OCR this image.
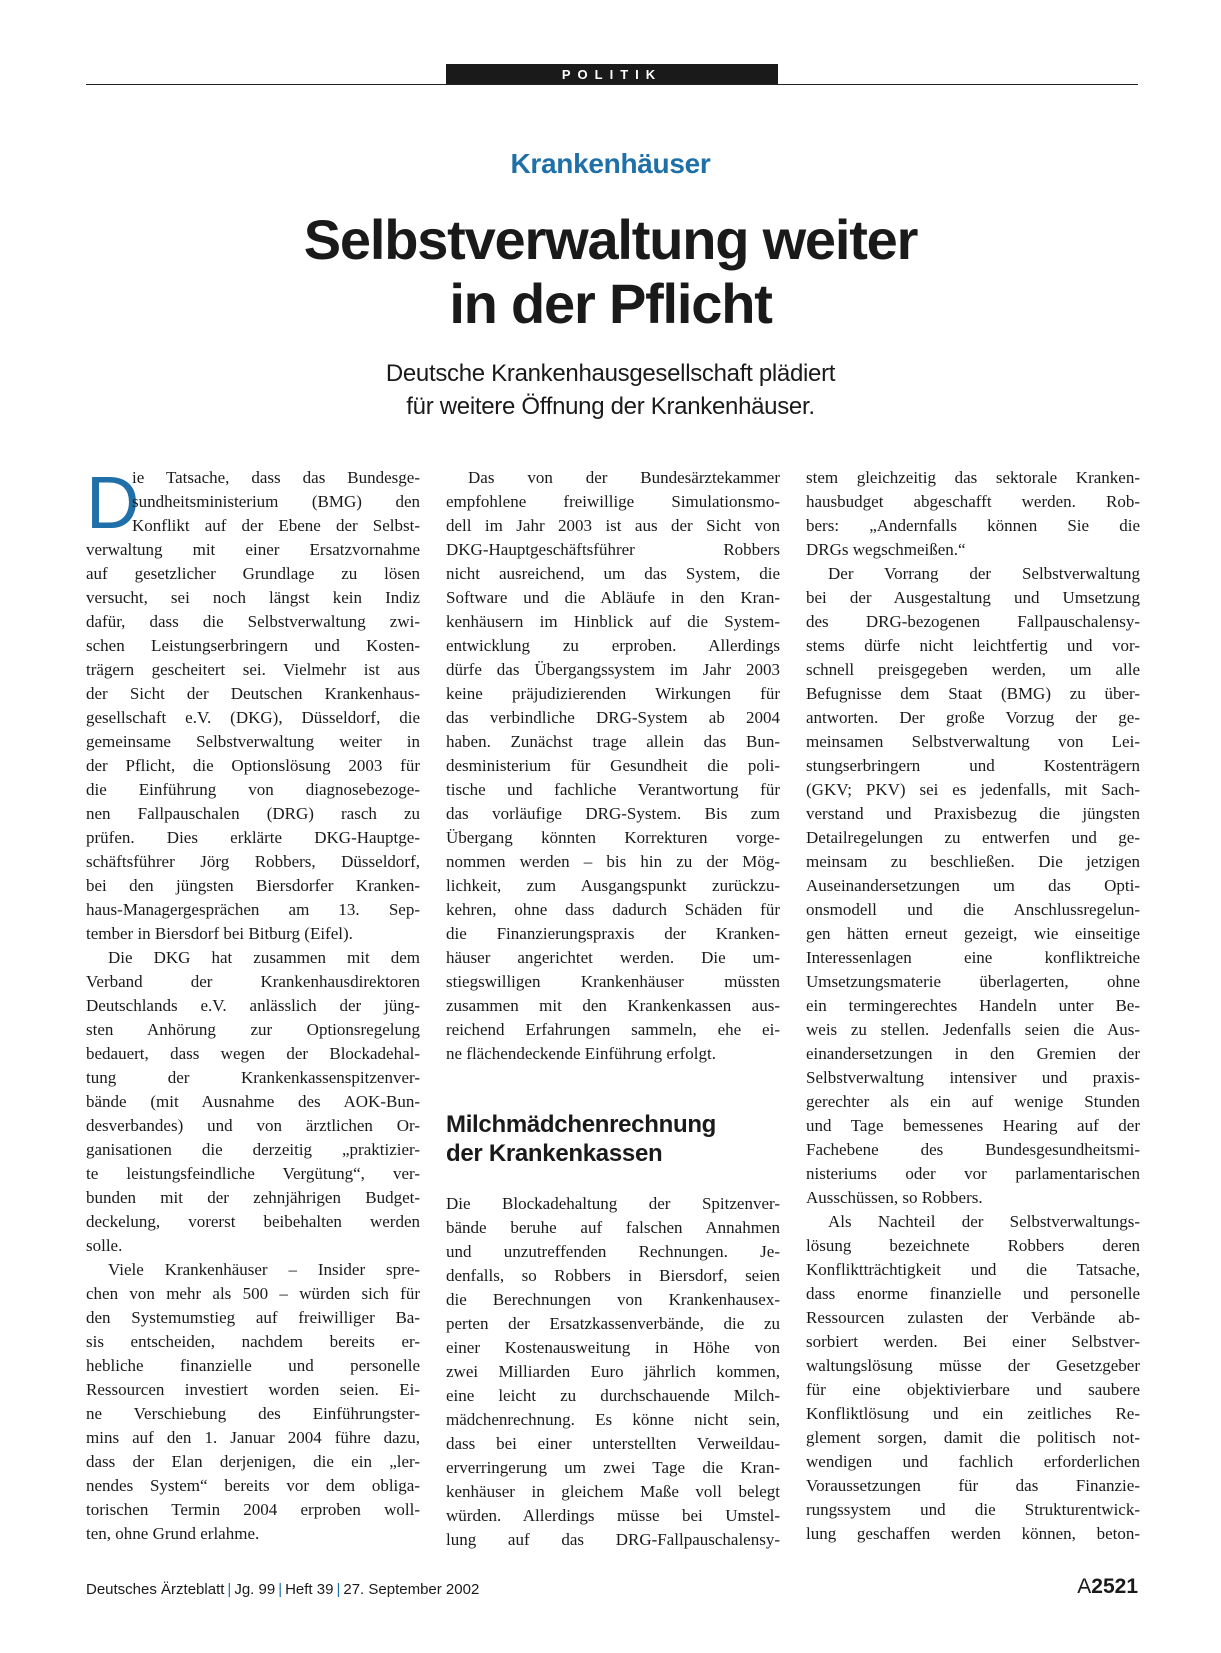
POLITIK
Krankenhäuser
Selbstverwaltung weiter
in der Pflicht
Deutsche Krankenhausgesellschaft plädiert
für weitere Öffnung der Krankenhäuser.
D
ie Tatsache, dass das Bundesge-
sundheitsministerium (BMG) den
Konflikt auf der Ebene der Selbst-
verwaltung mit einer Ersatzvornahme
auf gesetzlicher Grundlage zu lösen
versucht, sei noch längst kein Indiz
dafür, dass die Selbstverwaltung zwi-
schen Leistungserbringern und Kosten-
trägern gescheitert sei. Vielmehr ist aus
der Sicht der Deutschen Krankenhaus-
gesellschaft e.V. (DKG), Düsseldorf, die
gemeinsame Selbstverwaltung weiter in
der Pflicht, die Optionslösung 2003 für
die Einführung von diagnosebezoge-
nen Fallpauschalen (DRG) rasch zu
prüfen. Dies erklärte DKG-Hauptge-
schäftsführer Jörg Robbers, Düsseldorf,
bei den jüngsten Biersdorfer Kranken-
haus-Managergesprächen am 13. Sep-
tember in Biersdorf bei Bitburg (Eifel).
Die DKG hat zusammen mit dem
Verband der Krankenhausdirektoren
Deutschlands e.V. anlässlich der jüng-
sten Anhörung zur Optionsregelung
bedauert, dass wegen der Blockadehal-
tung der Krankenkassenspitzenver-
bände (mit Ausnahme des AOK-Bun-
desverbandes) und von ärztlichen Or-
ganisationen die derzeitig „praktizier-
te leistungsfeindliche Vergütung“, ver-
bunden mit der zehnjährigen Budget-
deckelung, vorerst beibehalten werden
solle.
Viele Krankenhäuser – Insider spre-
chen von mehr als 500 – würden sich für
den Systemumstieg auf freiwilliger Ba-
sis entscheiden, nachdem bereits er-
hebliche finanzielle und personelle
Ressourcen investiert worden seien. Ei-
ne Verschiebung des Einführungster-
mins auf den 1. Januar 2004 führe dazu,
dass der Elan derjenigen, die ein „ler-
nendes System“ bereits vor dem obliga-
torischen Termin 2004 erproben woll-
ten, ohne Grund erlahme.
Das von der Bundesärztekammer
empfohlene freiwillige Simulationsmo-
dell im Jahr 2003 ist aus der Sicht von
DKG-Hauptgeschäftsführer Robbers
nicht ausreichend, um das System, die
Software und die Abläufe in den Kran-
kenhäusern im Hinblick auf die System-
entwicklung zu erproben. Allerdings
dürfe das Übergangssystem im Jahr 2003
keine präjudizierenden Wirkungen für
das verbindliche DRG-System ab 2004
haben. Zunächst trage allein das Bun-
desministerium für Gesundheit die poli-
tische und fachliche Verantwortung für
das vorläufige DRG-System. Bis zum
Übergang könnten Korrekturen vorge-
nommen werden – bis hin zu der Mög-
lichkeit, zum Ausgangspunkt zurückzu-
kehren, ohne dass dadurch Schäden für
die Finanzierungspraxis der Kranken-
häuser angerichtet werden. Die um-
stiegswilligen Krankenhäuser müssten
zusammen mit den Krankenkassen aus-
reichend Erfahrungen sammeln, ehe ei-
ne flächendeckende Einführung erfolgt.
Milchmädchenrechnung
der Krankenkassen
Die Blockadehaltung der Spitzenver-
bände beruhe auf falschen Annahmen
und unzutreffenden Rechnungen. Je-
denfalls, so Robbers in Biersdorf, seien
die Berechnungen von Krankenhausex-
perten der Ersatzkassenverbände, die zu
einer Kostenausweitung in Höhe von
zwei Milliarden Euro jährlich kommen,
eine leicht zu durchschauende Milch-
mädchenrechnung. Es könne nicht sein,
dass bei einer unterstellten Verweildau-
erverringerung um zwei Tage die Kran-
kenhäuser in gleichem Maße voll belegt
würden. Allerdings müsse bei Umstel-
lung auf das DRG-Fallpauschalensy-
stem gleichzeitig das sektorale Kranken-
hausbudget abgeschafft werden. Rob-
bers: „Andernfalls können Sie die
DRGs wegschmeißen.“
Der Vorrang der Selbstverwaltung
bei der Ausgestaltung und Umsetzung
des DRG-bezogenen Fallpauschalensy-
stems dürfe nicht leichtfertig und vor-
schnell preisgegeben werden, um alle
Befugnisse dem Staat (BMG) zu über-
antworten. Der große Vorzug der ge-
meinsamen Selbstverwaltung von Lei-
stungserbringern und Kostenträgern
(GKV; PKV) sei es jedenfalls, mit Sach-
verstand und Praxisbezug die jüngsten
Detailregelungen zu entwerfen und ge-
meinsam zu beschließen. Die jetzigen
Auseinandersetzungen um das Opti-
onsmodell und die Anschlussregelun-
gen hätten erneut gezeigt, wie einseitige
Interessenlagen eine konfliktreiche
Umsetzungsmaterie überlagerten, ohne
ein termingerechtes Handeln unter Be-
weis zu stellen. Jedenfalls seien die Aus-
einandersetzungen in den Gremien der
Selbstverwaltung intensiver und praxis-
gerechter als ein auf wenige Stunden
und Tage bemessenes Hearing auf der
Fachebene des Bundesgesundheitsmi-
nisteriums oder vor parlamentarischen
Ausschüssen, so Robbers.
Als Nachteil der Selbstverwaltungs-
lösung bezeichnete Robbers deren
Konfliktträchtigkeit und die Tatsache,
dass enorme finanzielle und personelle
Ressourcen zulasten der Verbände ab-
sorbiert werden. Bei einer Selbstver-
waltungslösung müsse der Gesetzgeber
für eine objektivierbare und saubere
Konfliktlösung und ein zeitliches Re-
glement sorgen, damit die politisch not-
wendigen und fachlich erforderlichen
Voraussetzungen für das Finanzie-
rungssystem und die Strukturentwick-
lung geschaffen werden können, beton-
Deutsches Ärzteblatt | Jg. 99 | Heft 39 | 27. September 2002	A2521
